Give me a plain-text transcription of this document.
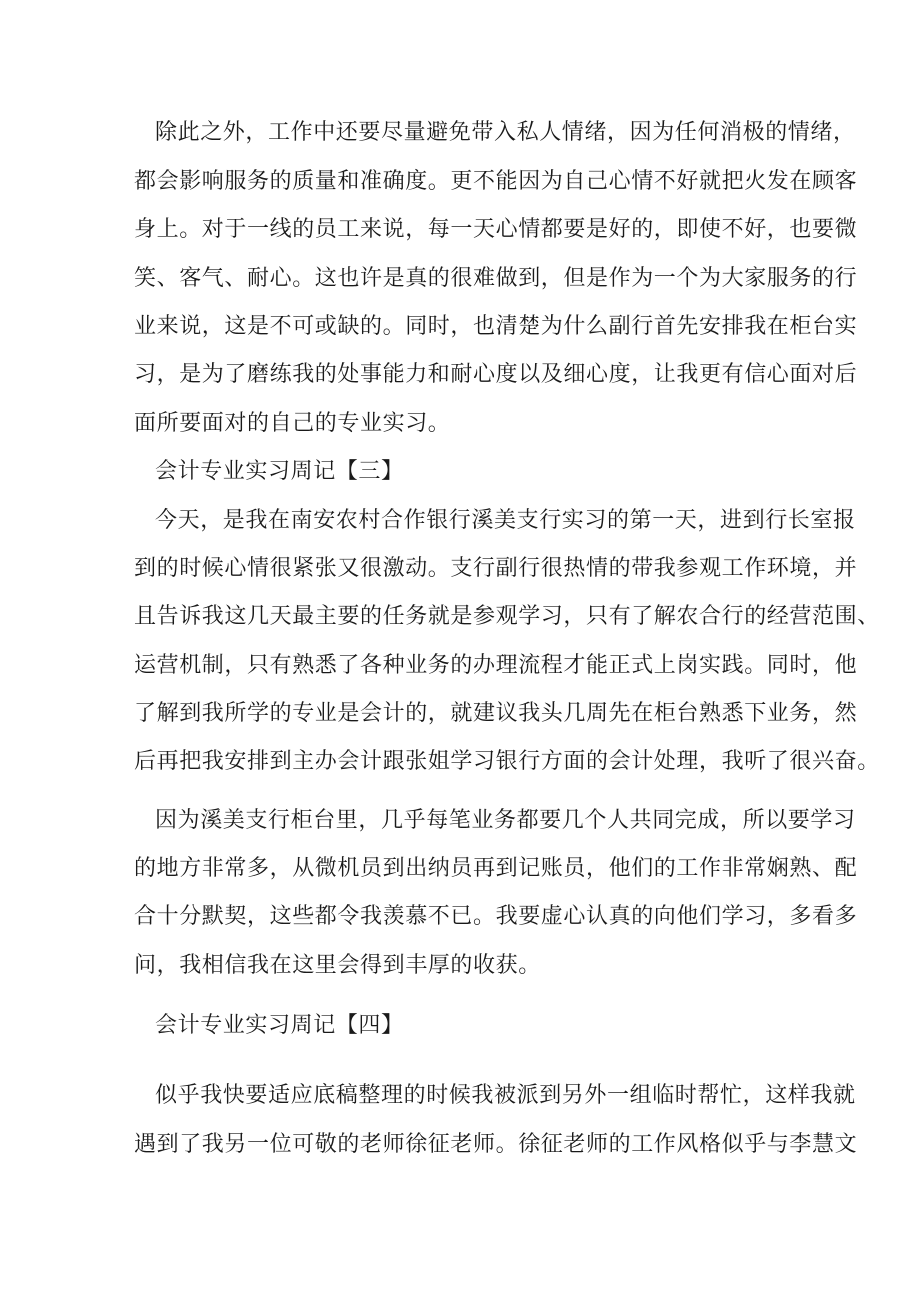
除此之外，工作中还要尽量避免带入私人情绪，因为任何消极的情绪，
都会影响服务的质量和准确度。更不能因为自己心情不好就把火发在顾客
身上。对于一线的员工来说，每一天心情都要是好的，即使不好，也要微
笑、客气、耐心。这也许是真的很难做到，但是作为一个为大家服务的行
业来说，这是不可或缺的。同时，也清楚为什么副行首先安排我在柜台实
习，是为了磨练我的处事能力和耐心度以及细心度，让我更有信心面对后
面所要面对的自己的专业实习。
会计专业实习周记【三】
今天，是我在南安农村合作银行溪美支行实习的第一天，进到行长室报
到的时候心情很紧张又很激动。支行副行很热情的带我参观工作环境，并
且告诉我这几天最主要的任务就是参观学习，只有了解农合行的经营范围、
运营机制，只有熟悉了各种业务的办理流程才能正式上岗实践。同时，他
了解到我所学的专业是会计的，就建议我头几周先在柜台熟悉下业务，然
后再把我安排到主办会计跟张姐学习银行方面的会计处理，我听了很兴奋。
因为溪美支行柜台里，几乎每笔业务都要几个人共同完成，所以要学习
的地方非常多，从微机员到出纳员再到记账员，他们的工作非常娴熟、配
合十分默契，这些都令我羡慕不已。我要虚心认真的向他们学习，多看多
问，我相信我在这里会得到丰厚的收获。
会计专业实习周记【四】
似乎我快要适应底稿整理的时候我被派到另外一组临时帮忙，这样我就
遇到了我另一位可敬的老师徐征老师。徐征老师的工作风格似乎与李慧文
